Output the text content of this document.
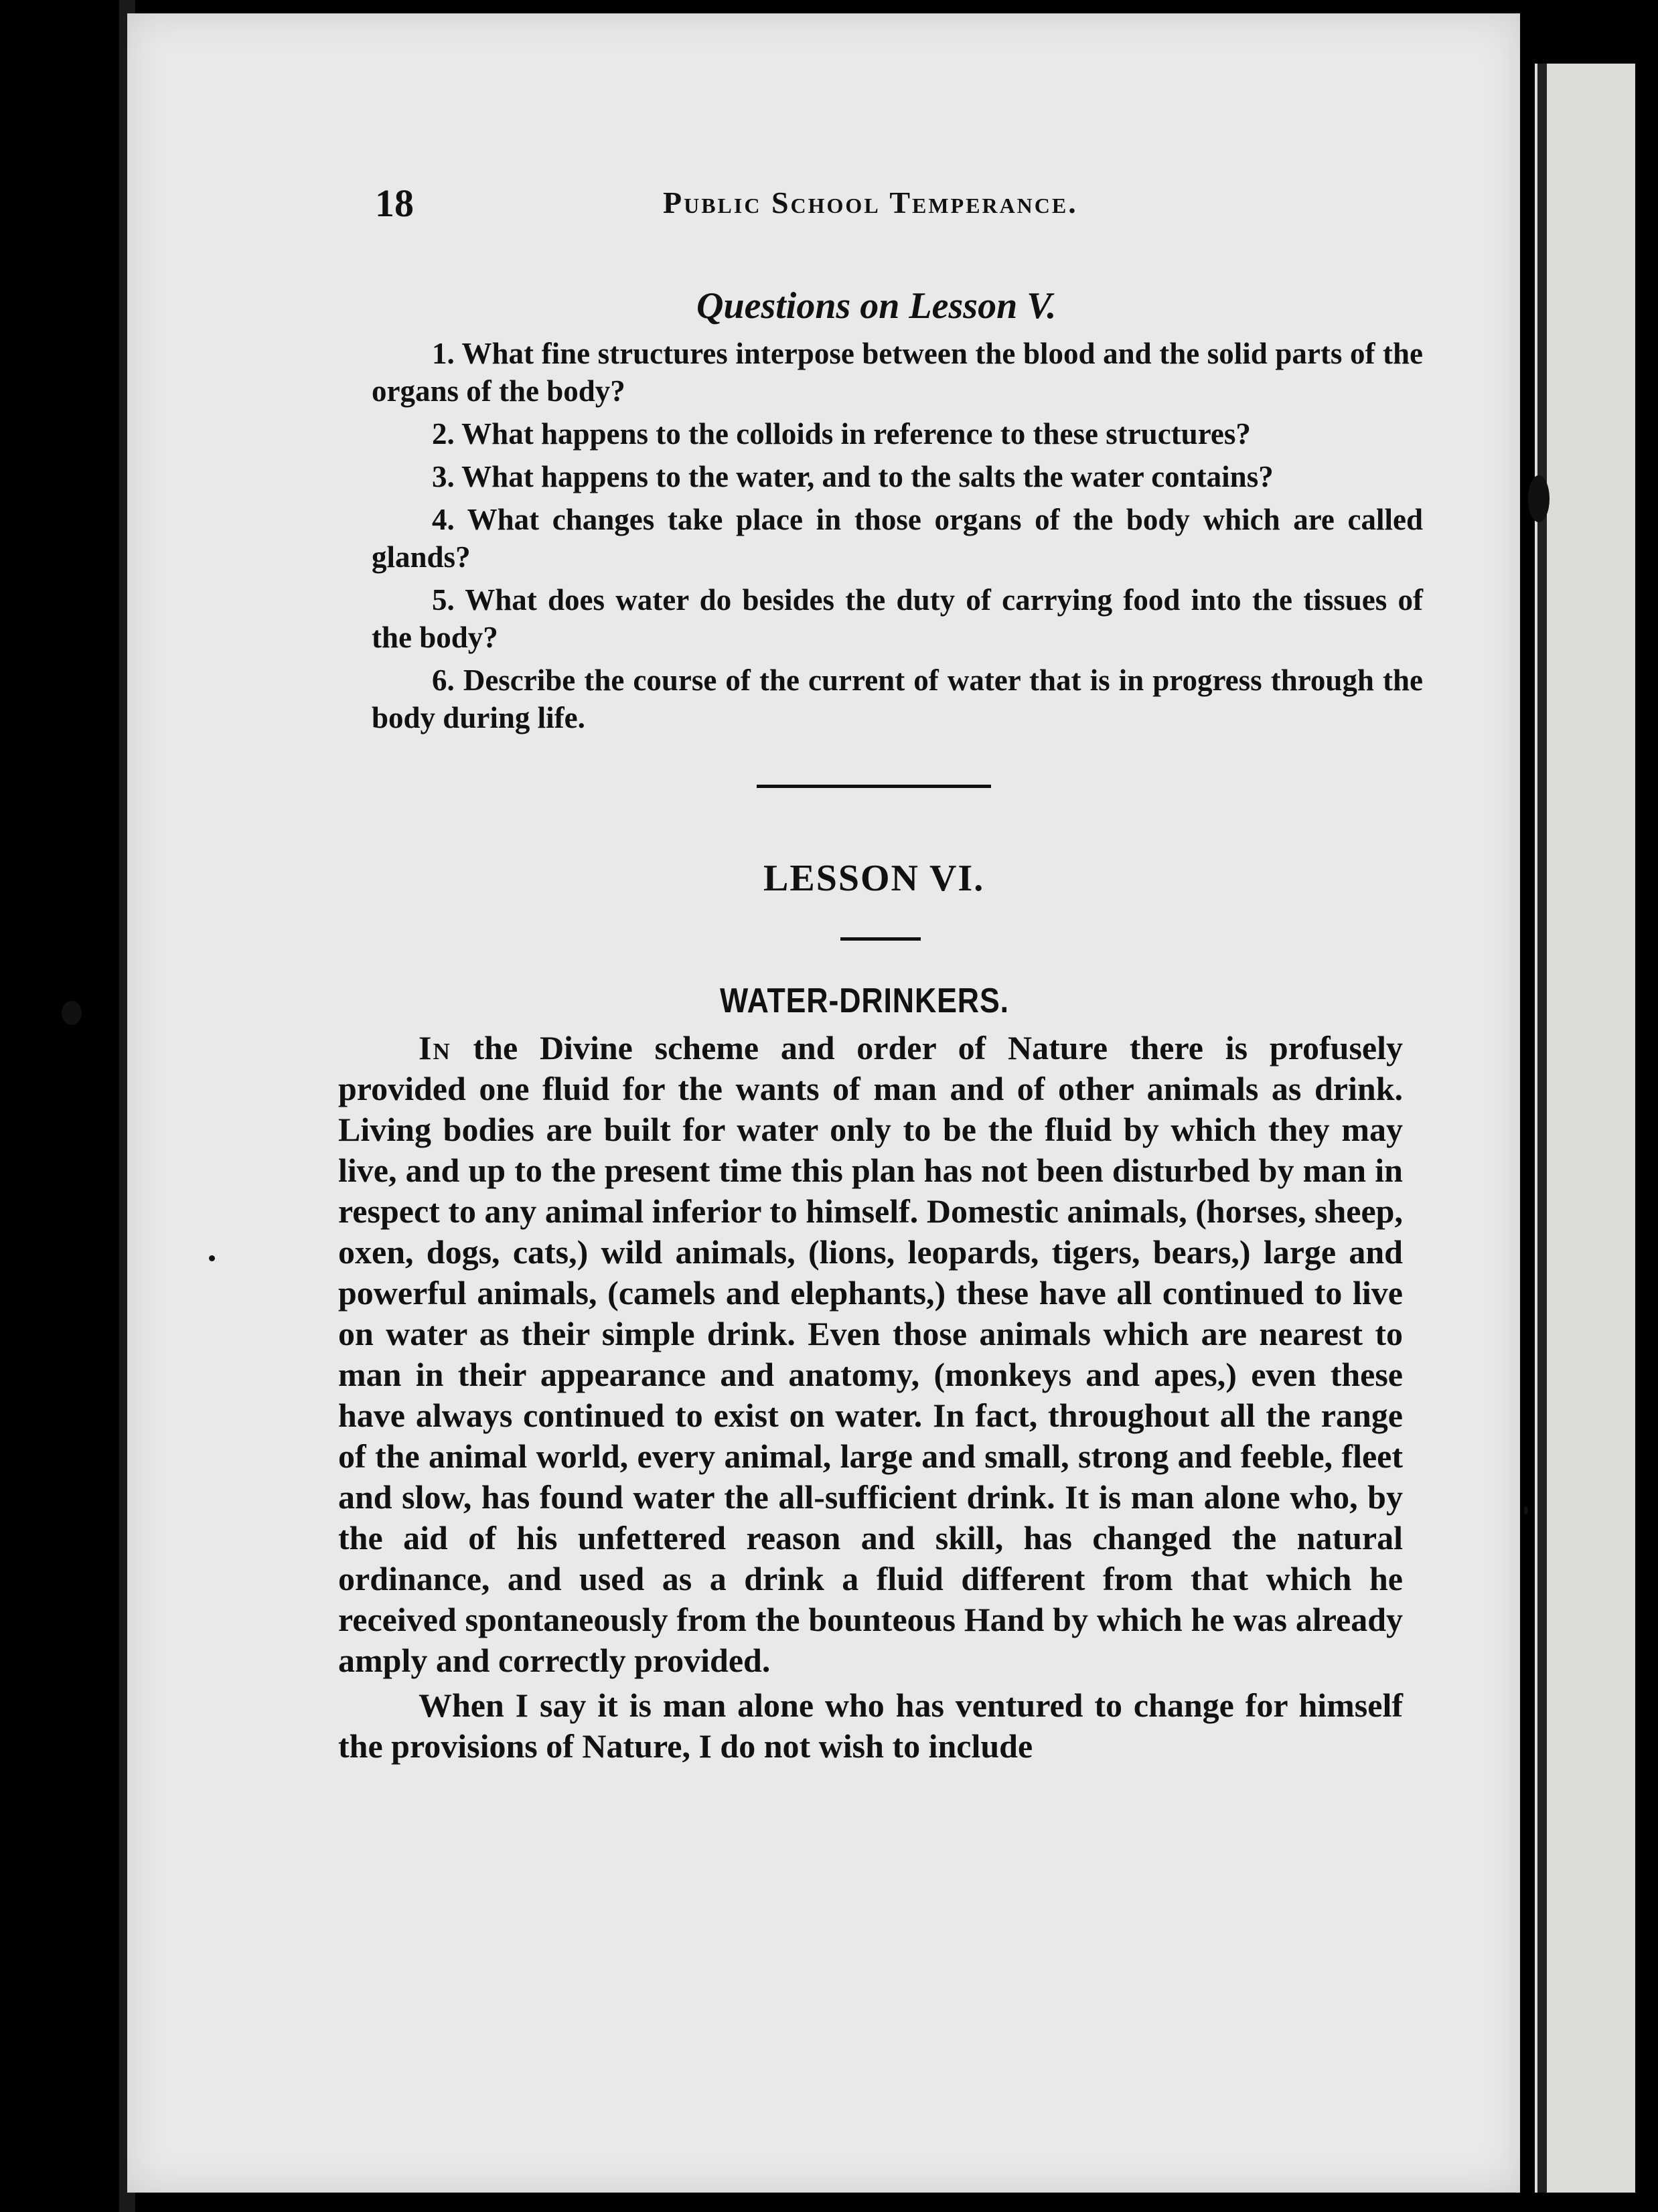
18	Public School Temperance.
Questions on Lesson V.

1. What fine structures interpose between the blood and the solid parts of the organs of the body?

2. What happens to the colloids in reference to these structures?

3. What happens to the water, and to the salts the water contains?

4. What changes take place in those organs of the body which are called glands?

5. What does water do besides the duty of carrying food into the tissues of the body?

6. Describe the course of the current of water that is in progress through the body during life.

LESSON VI.
WATER-DRINKERS.

In the Divine scheme and order of Nature there is profusely provided one fluid for the wants of man and of other animals as drink. Living bodies are built for water only to be the fluid by which they may live, and up to the present time this plan has not been disturbed by man in respect to any animal inferior to himself. Domestic animals, (horses, sheep, oxen, dogs, cats,) wild animals, (lions, leopards, tigers, bears,) large and powerful animals, (camels and elephants,) these have all continued to live on water as their simple drink. Even those animals which are nearest to man in their appearance and anatomy, (monkeys and apes,) even these have always continued to exist on water. In fact, throughout all the range of the animal world, every animal, large and small, strong and feeble, fleet and slow, has found water the all-sufficient drink. It is man alone who, by the aid of his unfettered reason and skill, has changed the natural ordinance, and used as a drink a fluid different from that which he received spontaneously from the bounteous Hand by which he was already amply and correctly provided.

When I say it is man alone who has ventured to change for himself the provisions of Nature, I do not wish to include
